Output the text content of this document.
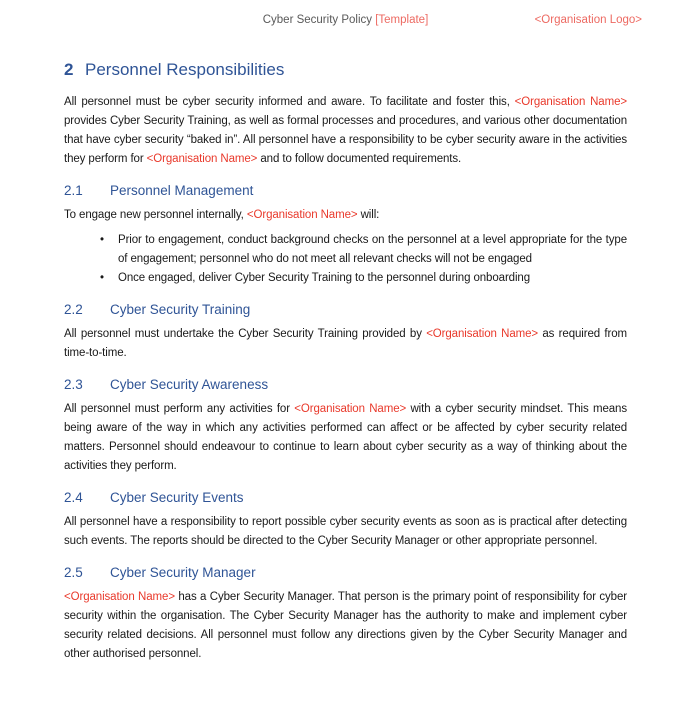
Cyber Security Policy [Template]	<Organisation Logo>
2 Personnel Responsibilities

All personnel must be cyber security informed and aware. To facilitate and foster this, <Organisation Name> provides Cyber Security Training, as well as formal processes and procedures, and various other documentation that have cyber security “baked in”. All personnel have a responsibility to be cyber security aware in the activities they perform for <Organisation Name> and to follow documented requirements.

2.1 Personnel Management

To engage new personnel internally, <Organisation Name> will:

•	Prior to engagement, conduct background checks on the personnel at a level appropriate for the type of engagement; personnel who do not meet all relevant checks will not be engaged
•	Once engaged, deliver Cyber Security Training to the personnel during onboarding
2.2 Cyber Security Training

All personnel must undertake the Cyber Security Training provided by <Organisation Name> as required from time-to-time.

2.3 Cyber Security Awareness

All personnel must perform any activities for <Organisation Name> with a cyber security mindset. This means being aware of the way in which any activities performed can affect or be affected by cyber security related matters. Personnel should endeavour to continue to learn about cyber security as a way of thinking about the activities they perform.

2.4 Cyber Security Events

All personnel have a responsibility to report possible cyber security events as soon as is practical after detecting such events. The reports should be directed to the Cyber Security Manager or other appropriate personnel.

2.5 Cyber Security Manager

<Organisation Name> has a Cyber Security Manager. That person is the primary point of responsibility for cyber security within the organisation. The Cyber Security Manager has the authority to make and implement cyber security related decisions. All personnel must follow any directions given by the Cyber Security Manager and other authorised personnel.
